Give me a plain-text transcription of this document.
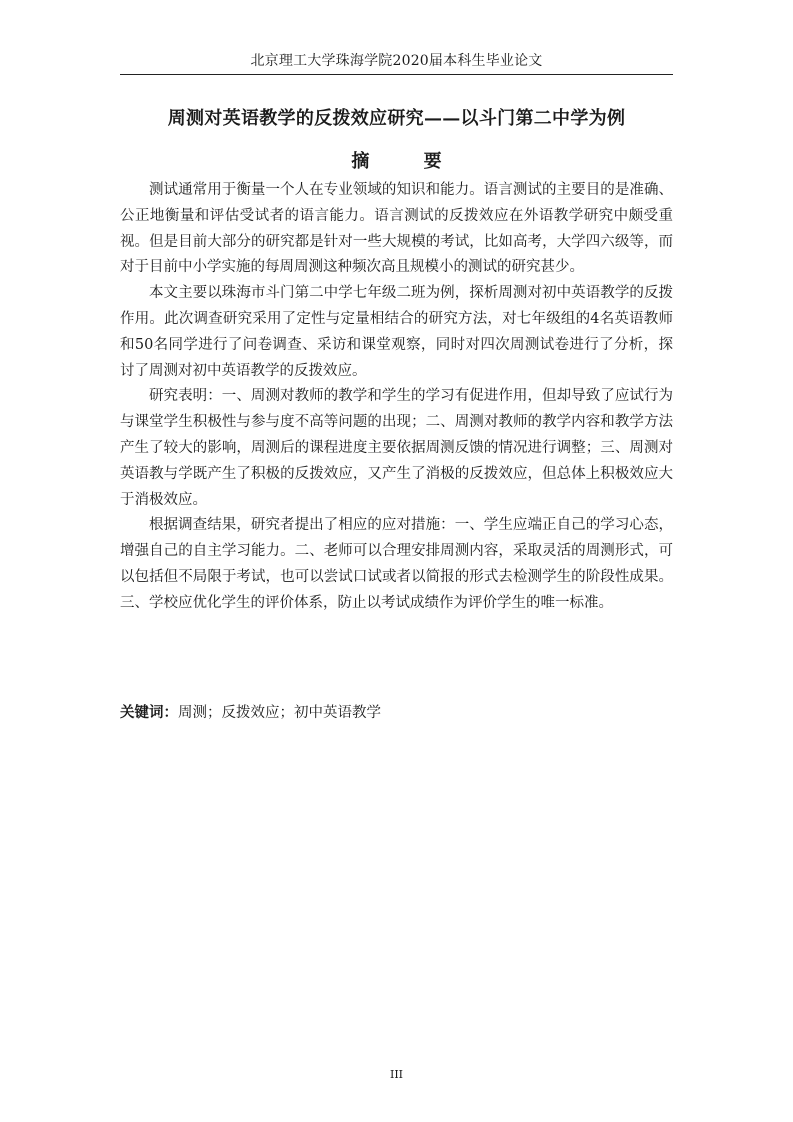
北京理工大学珠海学院2020届本科生毕业论文
周测对英语教学的反拨效应研究——以斗门第二中学为例
摘 要

测试通常用于衡量一个人在专业领域的知识和能力。语言测试的主要目的是准确、公正地衡量和评估受试者的语言能力。语言测试的反拨效应在外语教学研究中颇受重视。但是目前大部分的研究都是针对一些大规模的考试，比如高考，大学四六级等，而对于目前中小学实施的每周周测这种频次高且规模小的测试的研究甚少。

本文主要以珠海市斗门第二中学七年级二班为例，探析周测对初中英语教学的反拨作用。此次调查研究采用了定性与定量相结合的研究方法，对七年级组的4名英语教师和50名同学进行了问卷调查、采访和课堂观察，同时对四次周测试卷进行了分析，探讨了周测对初中英语教学的反拨效应。

研究表明：一、周测对教师的教学和学生的学习有促进作用，但却导致了应试行为与课堂学生积极性与参与度不高等问题的出现；二、周测对教师的教学内容和教学方法产生了较大的影响，周测后的课程进度主要依据周测反馈的情况进行调整；三、周测对英语教与学既产生了积极的反拨效应，又产生了消极的反拨效应，但总体上积极效应大于消极效应。

根据调查结果，研究者提出了相应的应对措施：一、学生应端正自己的学习心态，增强自己的自主学习能力。二、老师可以合理安排周测内容，采取灵活的周测形式，可以包括但不局限于考试，也可以尝试口试或者以简报的形式去检测学生的阶段性成果。三、学校应优化学生的评价体系，防止以考试成绩作为评价学生的唯一标准。

关键词：周测；反拨效应；初中英语教学
III
